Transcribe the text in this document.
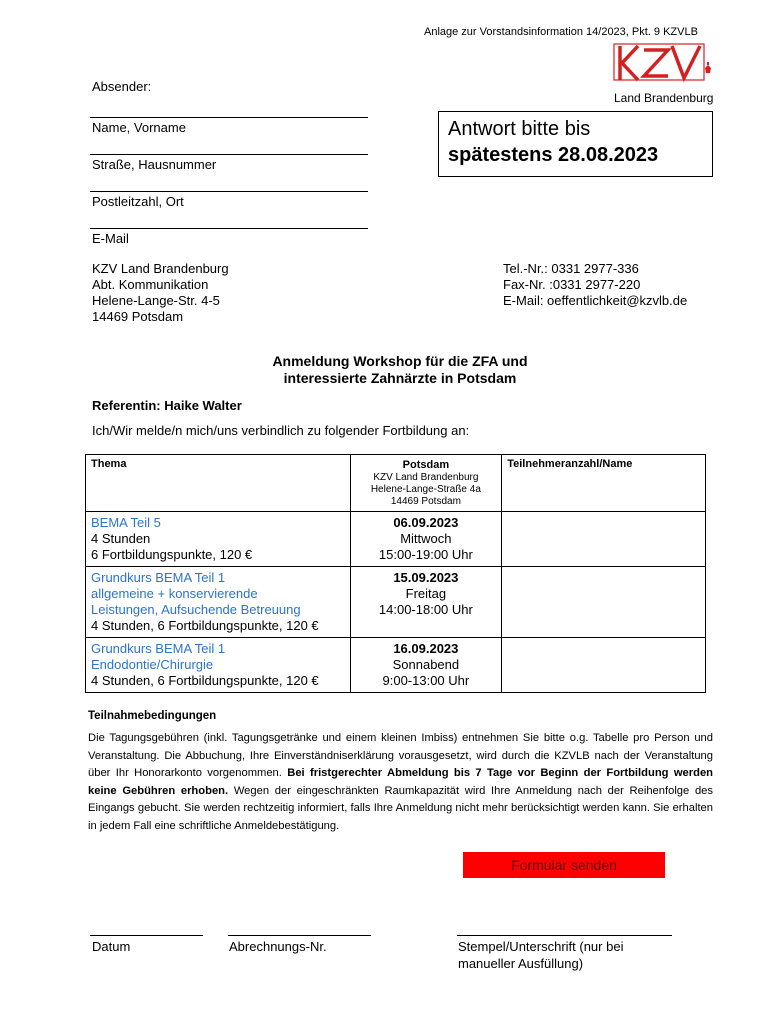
Anlage zur Vorstandsinformation 14/2023, Pkt. 9 KZVLB
Land Brandenburg
Absender:
Name, Vorname
Straße, Hausnummer
Postleitzahl, Ort
E-Mail
Antwort bitte bis
spätestens 28.08.2023
KZV Land Brandenburg
Abt. Kommunikation
Helene-Lange-Str. 4-5
14469 Potsdam
Tel.-Nr.: 0331 2977-336
Fax-Nr. :0331 2977-220
E-Mail: oeffentlichkeit@kzvlb.de
Anmeldung Workshop für die ZFA und
interessierte Zahnärzte in Potsdam
Referentin: Haike Walter
Ich/Wir melde/n mich/uns verbindlich zu folgender Fortbildung an:
Thema	Potsdam
KZV Land Brandenburg
Helene-Lange-Straße 4a
14469 Potsdam	Teilnehmeranzahl/Name

BEMA Teil 5
4 Stunden
6 Fortbildungspunkte, 120 €	06.09.2023
Mittwoch
15:00-19:00 Uhr	

Grundkurs BEMA Teil 1
allgemeine + konservierende
Leistungen, Aufsuchende Betreuung
4 Stunden, 6 Fortbildungspunkte, 120 €	15.09.2023
Freitag
14:00-18:00 Uhr	

Grundkurs BEMA Teil 1
Endodontie/Chirurgie
4 Stunden, 6 Fortbildungspunkte, 120 €	16.09.2023
Sonnabend
9:00-13:00 Uhr	

Teilnahmebedingungen
Die Tagungsgebühren (inkl. Tagungsgetränke und einem kleinen Imbiss) entnehmen Sie bitte o.g. Tabelle pro Person und Veranstaltung. Die Abbuchung, Ihre Einverständniserklärung vorausgesetzt, wird durch die KZVLB nach der Veranstaltung über Ihr Honorarkonto vorgenommen. Bei fristgerechter Abmeldung bis 7 Tage vor Beginn der Fortbildung werden keine Gebühren erhoben. Wegen der eingeschränkten Raumkapazität wird Ihre Anmeldung nach der Reihenfolge des Eingangs gebucht. Sie werden rechtzeitig informiert, falls Ihre Anmeldung nicht mehr berücksichtigt werden kann. Sie erhalten in jedem Fall eine schriftliche Anmeldebestätigung.
Formular senden
Datum	Abrechnungs-Nr.	Stempel/Unterschrift (nur bei
manueller Ausfüllung)
